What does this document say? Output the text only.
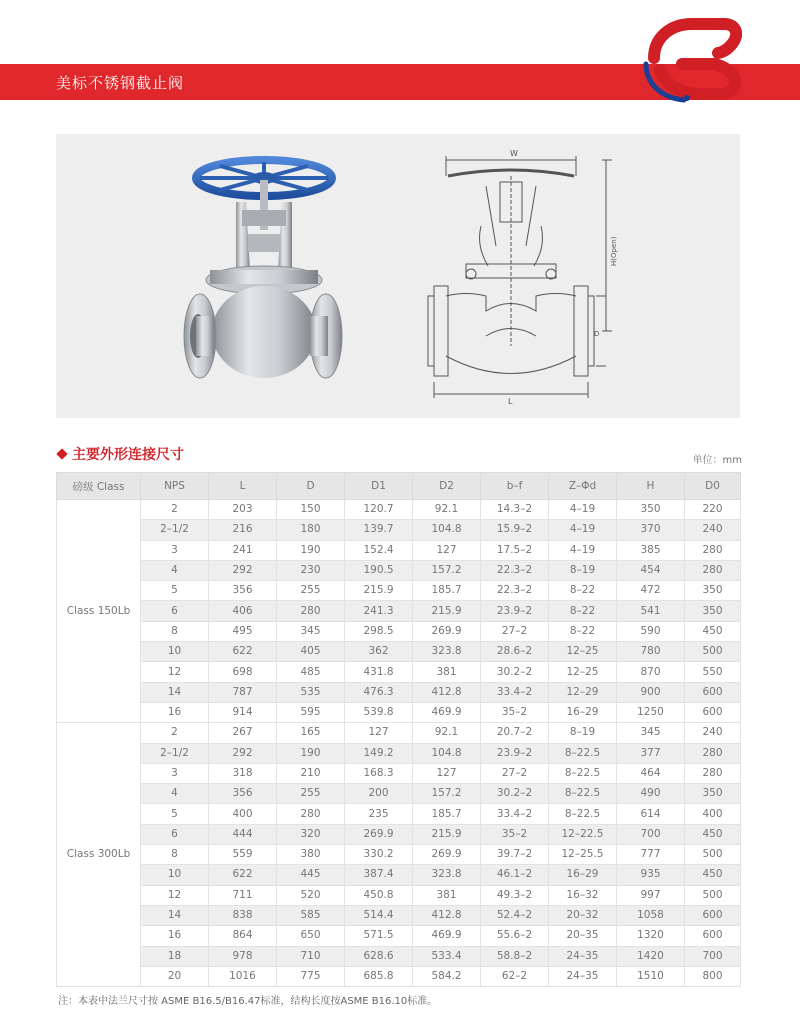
美标不锈钢截止阀
W
L
H(Open)
D
主要外形连接尺寸	单位：mm
磅级 Class	NPS	L	D	D1	D2	b–f	Z–Φd	H	D0
Class 150Lb	2	203	150	120.7	92.1	14.3–2	4–19	350	220
	2–1/2	216	180	139.7	104.8	15.9–2	4–19	370	240
	3	241	190	152.4	127	17.5–2	4–19	385	280
	4	292	230	190.5	157.2	22.3–2	8–19	454	280
	5	356	255	215.9	185.7	22.3–2	8–22	472	350
	6	406	280	241.3	215.9	23.9–2	8–22	541	350
	8	495	345	298.5	269.9	27–2	8–22	590	450
	10	622	405	362	323.8	28.6–2	12–25	780	500
	12	698	485	431.8	381	30.2–2	12–25	870	550
	14	787	535	476.3	412.8	33.4–2	12–29	900	600
	16	914	595	539.8	469.9	35–2	16–29	1250	600
Class 300Lb	2	267	165	127	92.1	20.7–2	8–19	345	240
	2–1/2	292	190	149.2	104.8	23.9–2	8–22.5	377	280
	3	318	210	168.3	127	27–2	8–22.5	464	280
	4	356	255	200	157.2	30.2–2	8–22.5	490	350
	5	400	280	235	185.7	33.4–2	8–22.5	614	400
	6	444	320	269.9	215.9	35–2	12–22.5	700	450
	8	559	380	330.2	269.9	39.7–2	12–25.5	777	500
	10	622	445	387.4	323.8	46.1–2	16–29	935	450
	12	711	520	450.8	381	49.3–2	16–32	997	500
	14	838	585	514.4	412.8	52.4–2	20–32	1058	600
	16	864	650	571.5	469.9	55.6–2	20–35	1320	600
	18	978	710	628.6	533.4	58.8–2	24–35	1420	700
	20	1016	775	685.8	584.2	62–2	24–35	1510	800
注：本表中法兰尺寸按 ASME B16.5/B16.47标准，结构长度按ASME B16.10标准。
